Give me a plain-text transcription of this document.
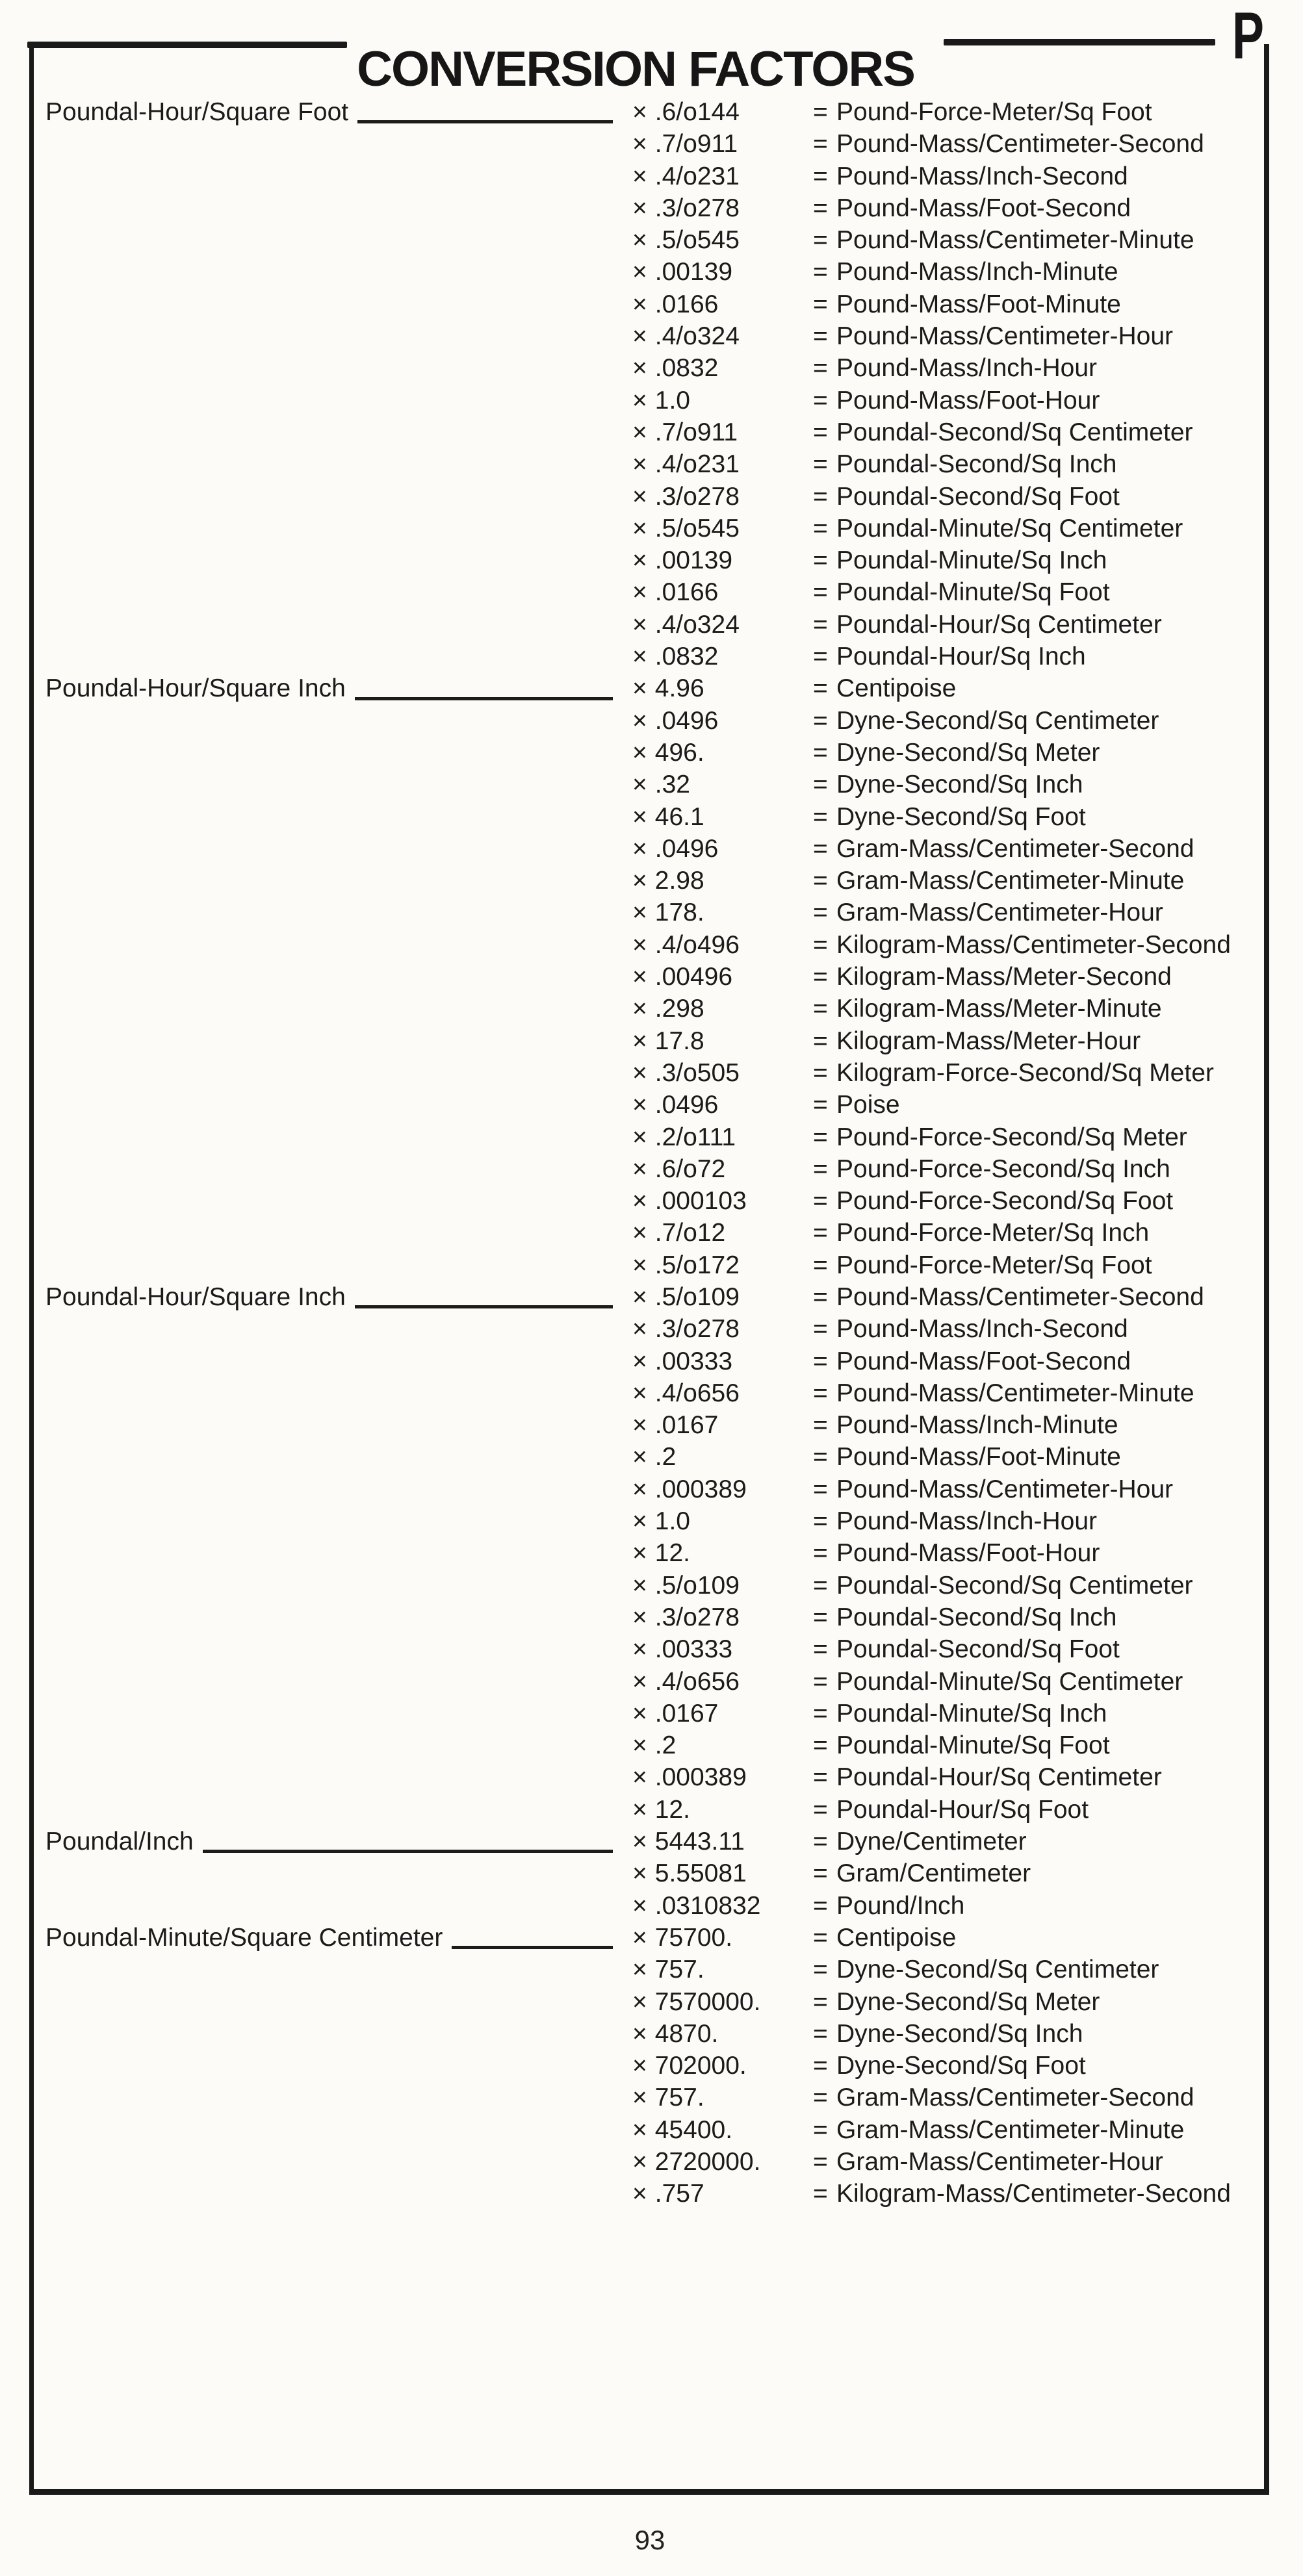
CONVERSION FACTORS	P
Poundal-Hour/Square Foot	× .6/o144	= Pound-Force-Meter/Sq Foot
× .7/o911	= Pound-Mass/Centimeter-Second
× .4/o231	= Pound-Mass/Inch-Second
× .3/o278	= Pound-Mass/Foot-Second
× .5/o545	= Pound-Mass/Centimeter-Minute
× .00139	= Pound-Mass/Inch-Minute
× .0166	= Pound-Mass/Foot-Minute
× .4/o324	= Pound-Mass/Centimeter-Hour
× .0832	= Pound-Mass/Inch-Hour
× 1.0	= Pound-Mass/Foot-Hour
× .7/o911	= Poundal-Second/Sq Centimeter
× .4/o231	= Poundal-Second/Sq Inch
× .3/o278	= Poundal-Second/Sq Foot
× .5/o545	= Poundal-Minute/Sq Centimeter
× .00139	= Poundal-Minute/Sq Inch
× .0166	= Poundal-Minute/Sq Foot
× .4/o324	= Poundal-Hour/Sq Centimeter
× .0832	= Poundal-Hour/Sq Inch
Poundal-Hour/Square Inch	× 4.96	= Centipoise
× .0496	= Dyne-Second/Sq Centimeter
× 496.	= Dyne-Second/Sq Meter
× .32	= Dyne-Second/Sq Inch
× 46.1	= Dyne-Second/Sq Foot
× .0496	= Gram-Mass/Centimeter-Second
× 2.98	= Gram-Mass/Centimeter-Minute
× 178.	= Gram-Mass/Centimeter-Hour
× .4/o496	= Kilogram-Mass/Centimeter-Second
× .00496	= Kilogram-Mass/Meter-Second
× .298	= Kilogram-Mass/Meter-Minute
× 17.8	= Kilogram-Mass/Meter-Hour
× .3/o505	= Kilogram-Force-Second/Sq Meter
× .0496	= Poise
× .2/o111	= Pound-Force-Second/Sq Meter
× .6/o72	= Pound-Force-Second/Sq Inch
× .000103	= Pound-Force-Second/Sq Foot
× .7/o12	= Pound-Force-Meter/Sq Inch
× .5/o172	= Pound-Force-Meter/Sq Foot
Poundal-Hour/Square Inch	× .5/o109	= Pound-Mass/Centimeter-Second
× .3/o278	= Pound-Mass/Inch-Second
× .00333	= Pound-Mass/Foot-Second
× .4/o656	= Pound-Mass/Centimeter-Minute
× .0167	= Pound-Mass/Inch-Minute
× .2	= Pound-Mass/Foot-Minute
× .000389	= Pound-Mass/Centimeter-Hour
× 1.0	= Pound-Mass/Inch-Hour
× 12.	= Pound-Mass/Foot-Hour
× .5/o109	= Poundal-Second/Sq Centimeter
× .3/o278	= Poundal-Second/Sq Inch
× .00333	= Poundal-Second/Sq Foot
× .4/o656	= Poundal-Minute/Sq Centimeter
× .0167	= Poundal-Minute/Sq Inch
× .2	= Poundal-Minute/Sq Foot
× .000389	= Poundal-Hour/Sq Centimeter
× 12.	= Poundal-Hour/Sq Foot
Poundal/Inch	× 5443.11	= Dyne/Centimeter
× 5.55081	= Gram/Centimeter
× .0310832	= Pound/Inch
Poundal-Minute/Square Centimeter	× 75700.	= Centipoise
× 757.	= Dyne-Second/Sq Centimeter
× 7570000.	= Dyne-Second/Sq Meter
× 4870.	= Dyne-Second/Sq Inch
× 702000.	= Dyne-Second/Sq Foot
× 757.	= Gram-Mass/Centimeter-Second
× 45400.	= Gram-Mass/Centimeter-Minute
× 2720000.	= Gram-Mass/Centimeter-Hour
× .757	= Kilogram-Mass/Centimeter-Second
93
